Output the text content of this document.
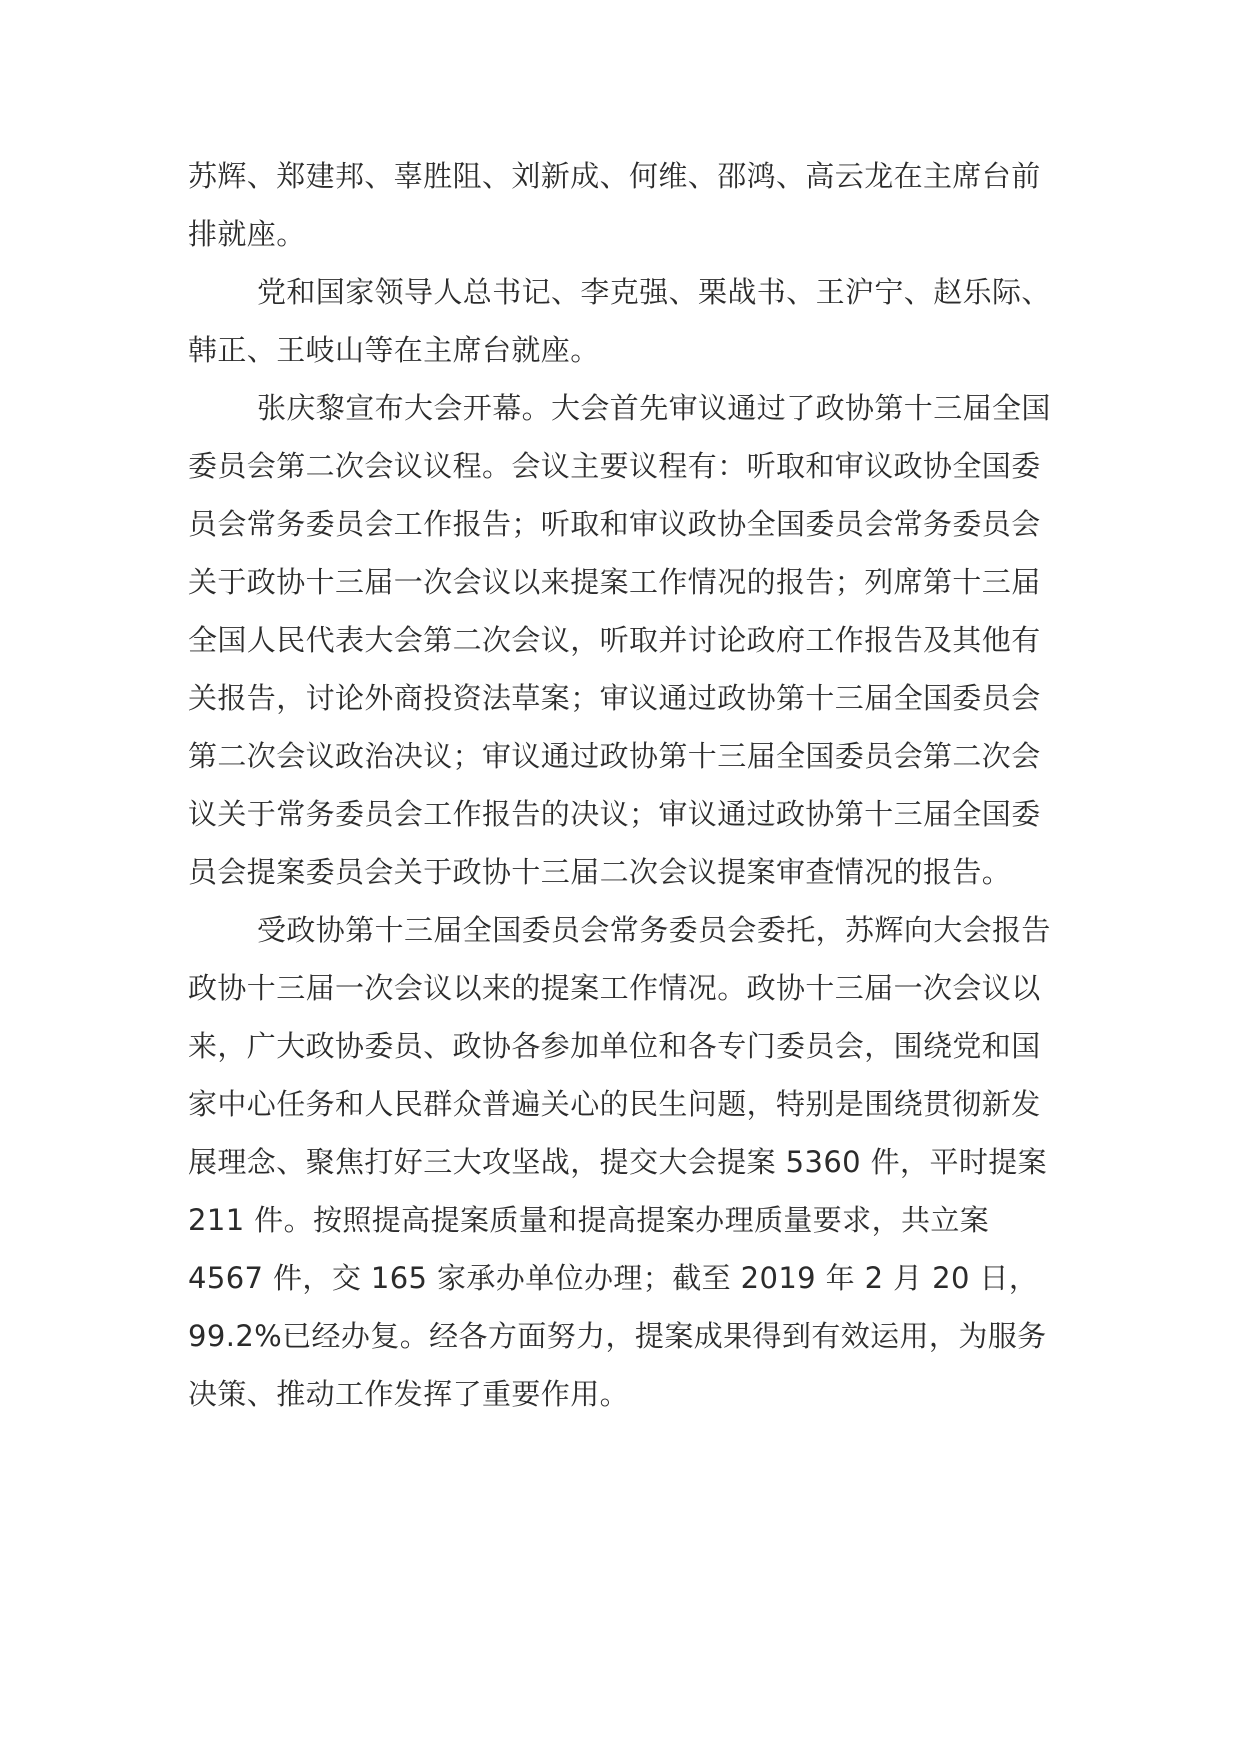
苏辉、郑建邦、辜胜阻、刘新成、何维、邵鸿、高云龙在主席台前
排就座。
党和国家领导人总书记、李克强、栗战书、王沪宁、赵乐际、
韩正、王岐山等在主席台就座。
张庆黎宣布大会开幕。大会首先审议通过了政协第十三届全国
委员会第二次会议议程。会议主要议程有：听取和审议政协全国委
员会常务委员会工作报告；听取和审议政协全国委员会常务委员会
关于政协十三届一次会议以来提案工作情况的报告；列席第十三届
全国人民代表大会第二次会议，听取并讨论政府工作报告及其他有
关报告，讨论外商投资法草案；审议通过政协第十三届全国委员会
第二次会议政治决议；审议通过政协第十三届全国委员会第二次会
议关于常务委员会工作报告的决议；审议通过政协第十三届全国委
员会提案委员会关于政协十三届二次会议提案审查情况的报告。
受政协第十三届全国委员会常务委员会委托，苏辉向大会报告
政协十三届一次会议以来的提案工作情况。政协十三届一次会议以
来，广大政协委员、政协各参加单位和各专门委员会，围绕党和国
家中心任务和人民群众普遍关心的民生问题，特别是围绕贯彻新发
展理念、聚焦打好三大攻坚战，提交大会提案 5360 件，平时提案
211 件。按照提高提案质量和提高提案办理质量要求，共立案
4567 件，交 165 家承办单位办理；截至 2019 年 2 月 20 日，
99.2%已经办复。经各方面努力，提案成果得到有效运用，为服务
决策、推动工作发挥了重要作用。
